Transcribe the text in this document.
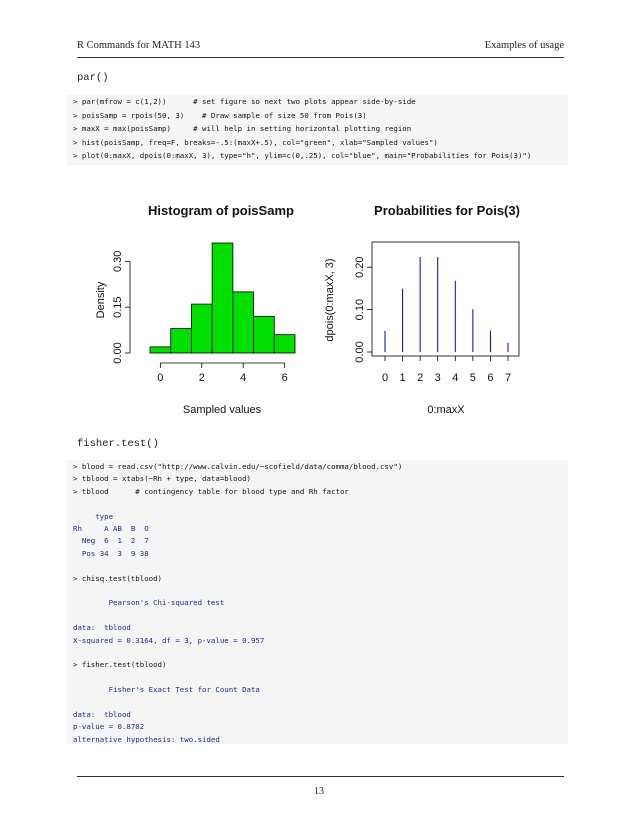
R Commands for MATH 143	Examples of usage
par()
> par(mfrow = c(1,2))      # set figure so next two plots appear side-by-side
> poisSamp = rpois(50, 3)    # Draw sample of size 50 from Pois(3)
> maxX = max(poisSamp)     # will help in setting horizontal plotting region
> hist(poisSamp, freq=F, breaks=-.5:(maxX+.5), col="green", xlab="Sampled values")
> plot(0:maxX, dpois(0:maxX, 3), type="h", ylim=c(0,.25), col="blue", main="Probabilities for Pois(3)")
Histogram of poisSamp
0.00
0.15
0.30
Density
0	2	4	6
Sampled values
Probabilities for Pois(3)
0.00
0.10
0.20
dpois(0:maxX, 3)
0 1 2 3 4 5 6 7
0:maxX
fisher.test()
> blood = read.csv("http://www.calvin.edu/~scofield/data/comma/blood.csv")
> tblood = xtabs(~Rh + type, data=blood)
> tblood      # contingency table for blood type and Rh factor
type
Rh     A AB  B  O
Neg  6  1  2  7
Pos 34  3  9 38
> chisq.test(tblood)
Pearson's Chi-squared test
data:  tblood
X-squared = 0.3164, df = 3, p-value = 0.957
> fisher.test(tblood)
Fisher's Exact Test for Count Data
data:  tblood
p-value = 0.8702
alternative hypothesis: two.sided
13
